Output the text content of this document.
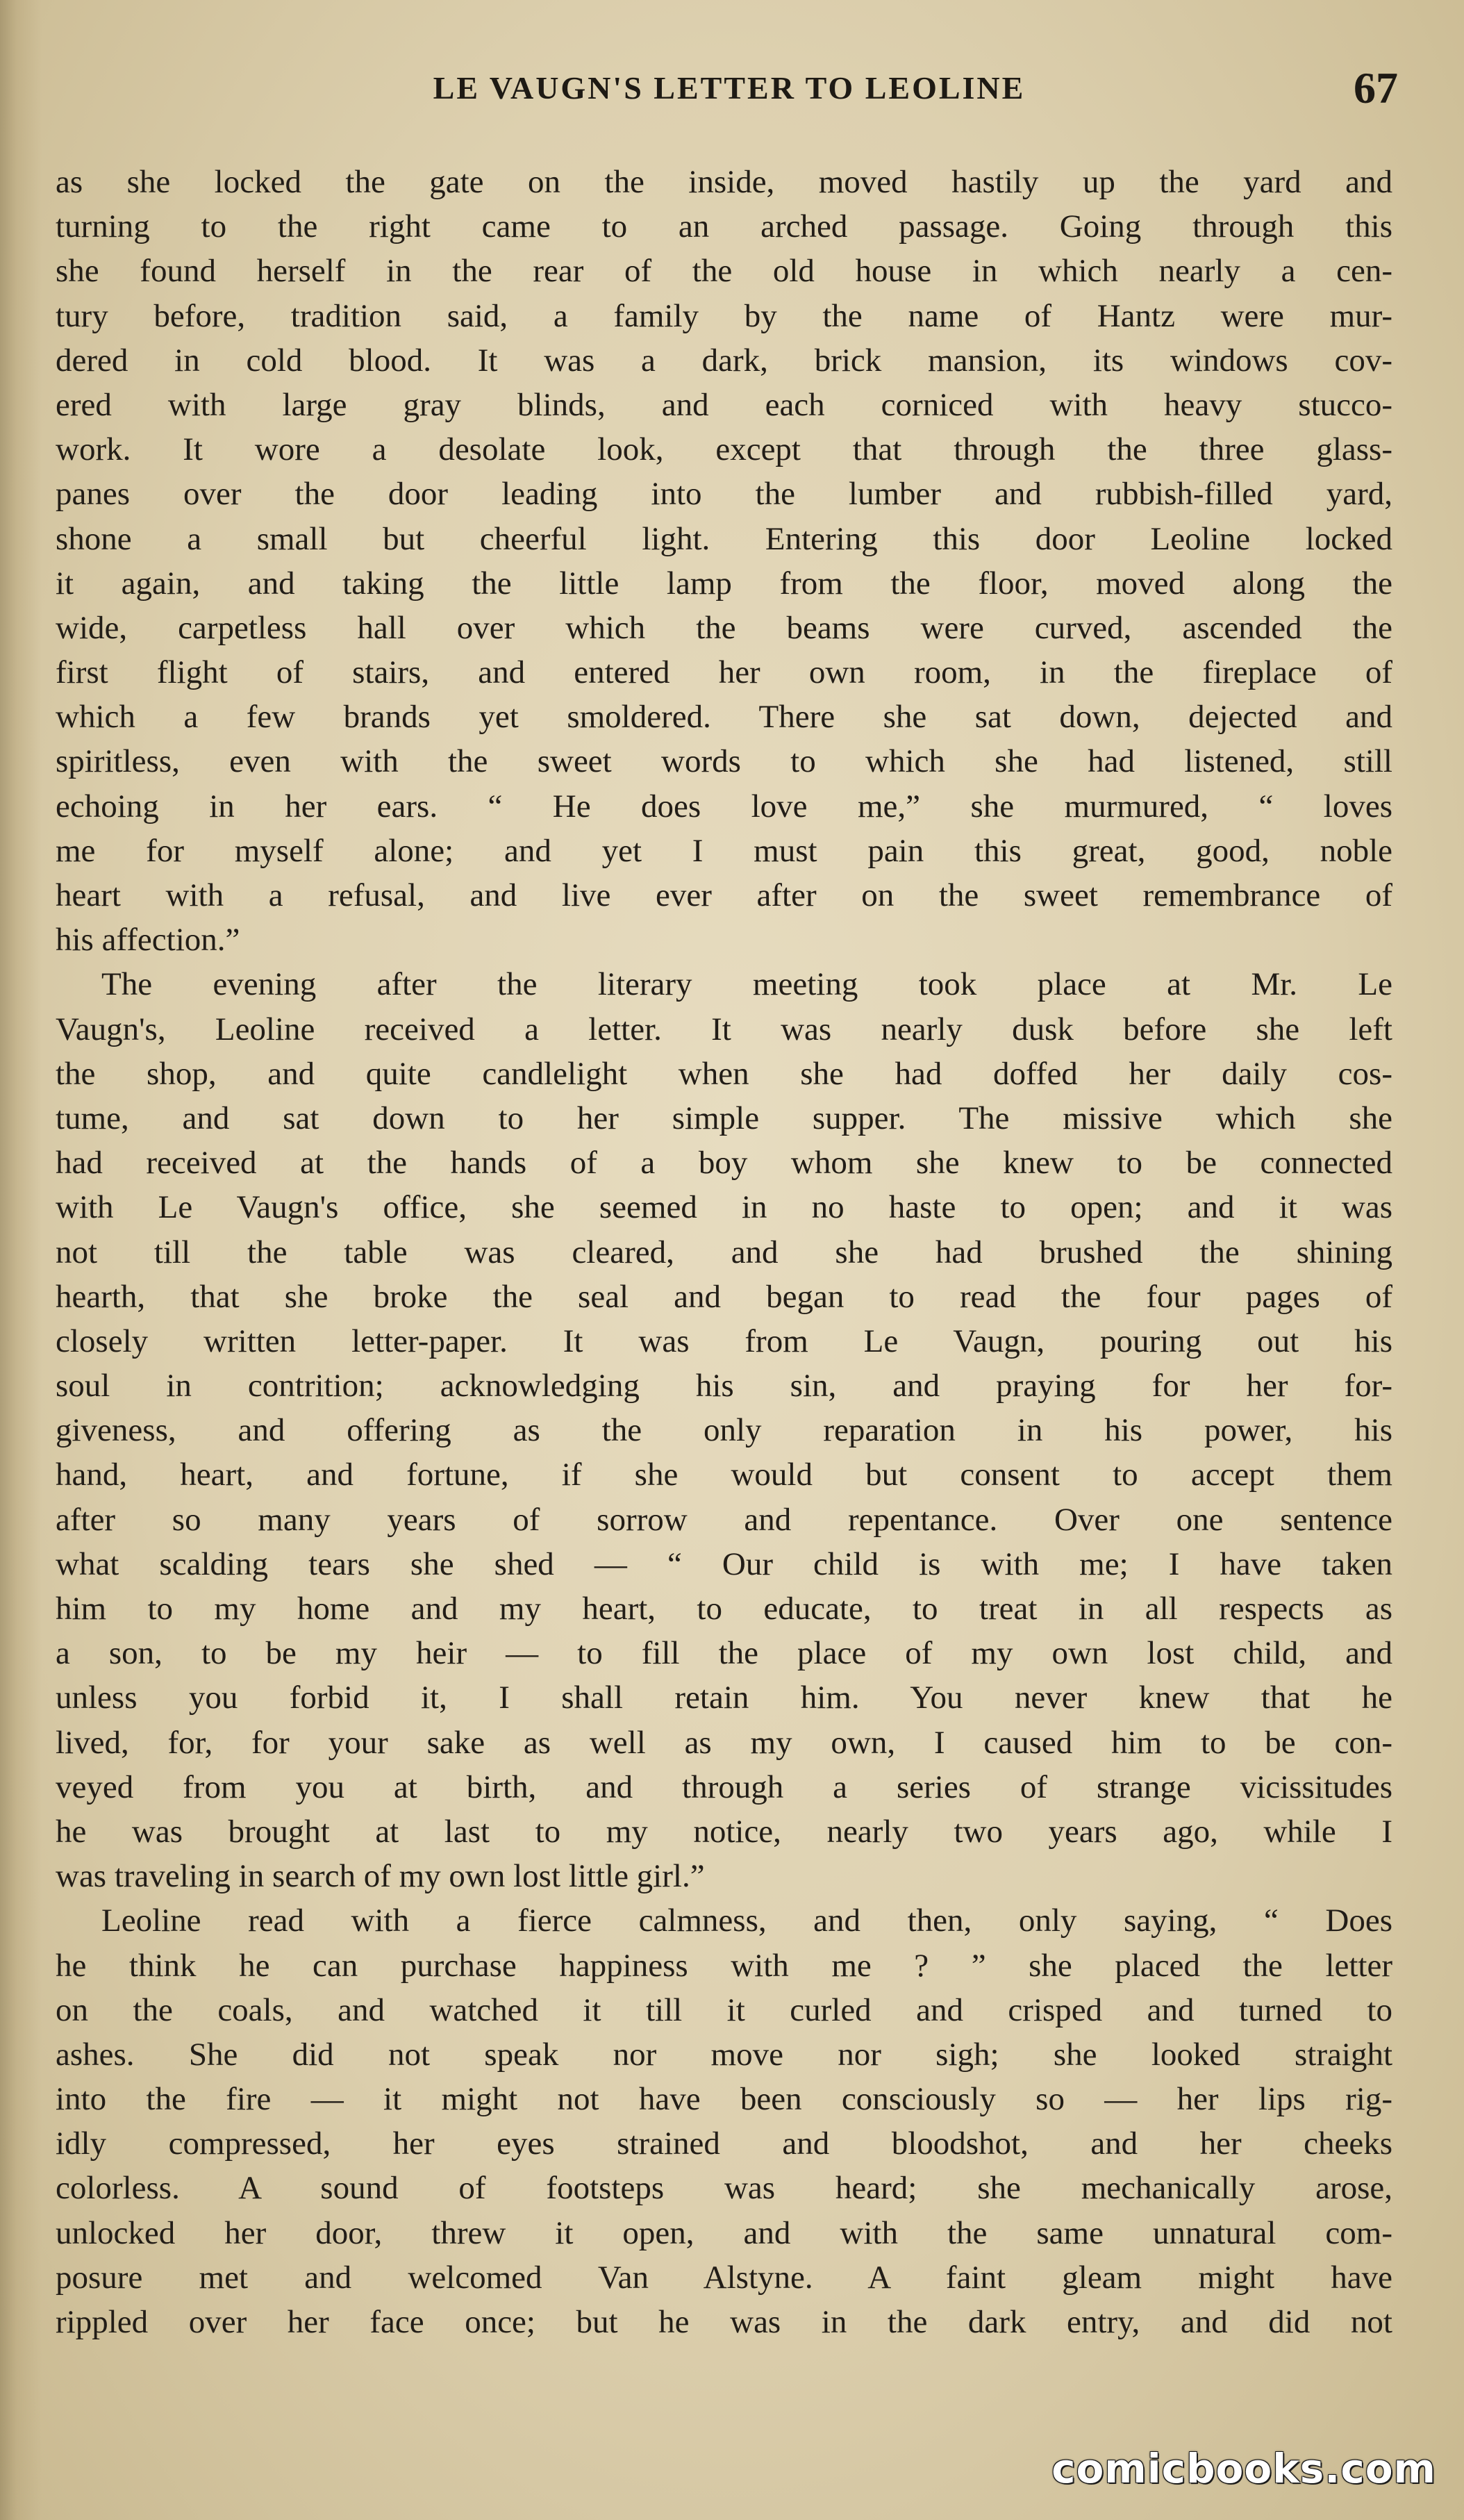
LE VAUGN'S LETTER TO LEOLINE	67
as she locked the gate on the inside, moved hastily up the yard and
turning to the right came to an arched passage. Going through this
she found herself in the rear of the old house in which nearly a cen-
tury before, tradition said, a family by the name of Hantz were mur-
dered in cold blood. It was a dark, brick mansion, its windows cov-
ered with large gray blinds, and each corniced with heavy stucco-
work. It wore a desolate look, except that through the three glass-
panes over the door leading into the lumber and rubbish-filled yard,
shone a small but cheerful light. Entering this door Leoline locked
it again, and taking the little lamp from the floor, moved along the
wide, carpetless hall over which the beams were curved, ascended the
first flight of stairs, and entered her own room, in the fireplace of
which a few brands yet smoldered. There she sat down, dejected and
spiritless, even with the sweet words to which she had listened, still
echoing in her ears. “ He does love me,” she murmured, “ loves
me for myself alone; and yet I must pain this great, good, noble
heart with a refusal, and live ever after on the sweet remembrance of
his affection.”
The evening after the literary meeting took place at Mr. Le
Vaugn's, Leoline received a letter. It was nearly dusk before she left
the shop, and quite candlelight when she had doffed her daily cos-
tume, and sat down to her simple supper. The missive which she
had received at the hands of a boy whom she knew to be connected
with Le Vaugn's office, she seemed in no haste to open; and it was
not till the table was cleared, and she had brushed the shining
hearth, that she broke the seal and began to read the four pages of
closely written letter-paper. It was from Le Vaugn, pouring out his
soul in contrition; acknowledging his sin, and praying for her for-
giveness, and offering as the only reparation in his power, his
hand, heart, and fortune, if she would but consent to accept them
after so many years of sorrow and repentance. Over one sentence
what scalding tears she shed — “ Our child is with me; I have taken
him to my home and my heart, to educate, to treat in all respects as
a son, to be my heir — to fill the place of my own lost child, and
unless you forbid it, I shall retain him. You never knew that he
lived, for, for your sake as well as my own, I caused him to be con-
veyed from you at birth, and through a series of strange vicissitudes
he was brought at last to my notice, nearly two years ago, while I
was traveling in search of my own lost little girl.”
Leoline read with a fierce calmness, and then, only saying, “ Does
he think he can purchase happiness with me ? ” she placed the letter
on the coals, and watched it till it curled and crisped and turned to
ashes. She did not speak nor move nor sigh; she looked straight
into the fire — it might not have been consciously so — her lips rig-
idly compressed, her eyes strained and bloodshot, and her cheeks
colorless. A sound of footsteps was heard; she mechanically arose,
unlocked her door, threw it open, and with the same unnatural com-
posure met and welcomed Van Alstyne. A faint gleam might have
rippled over her face once; but he was in the dark entry, and did not
comicbooks.com
